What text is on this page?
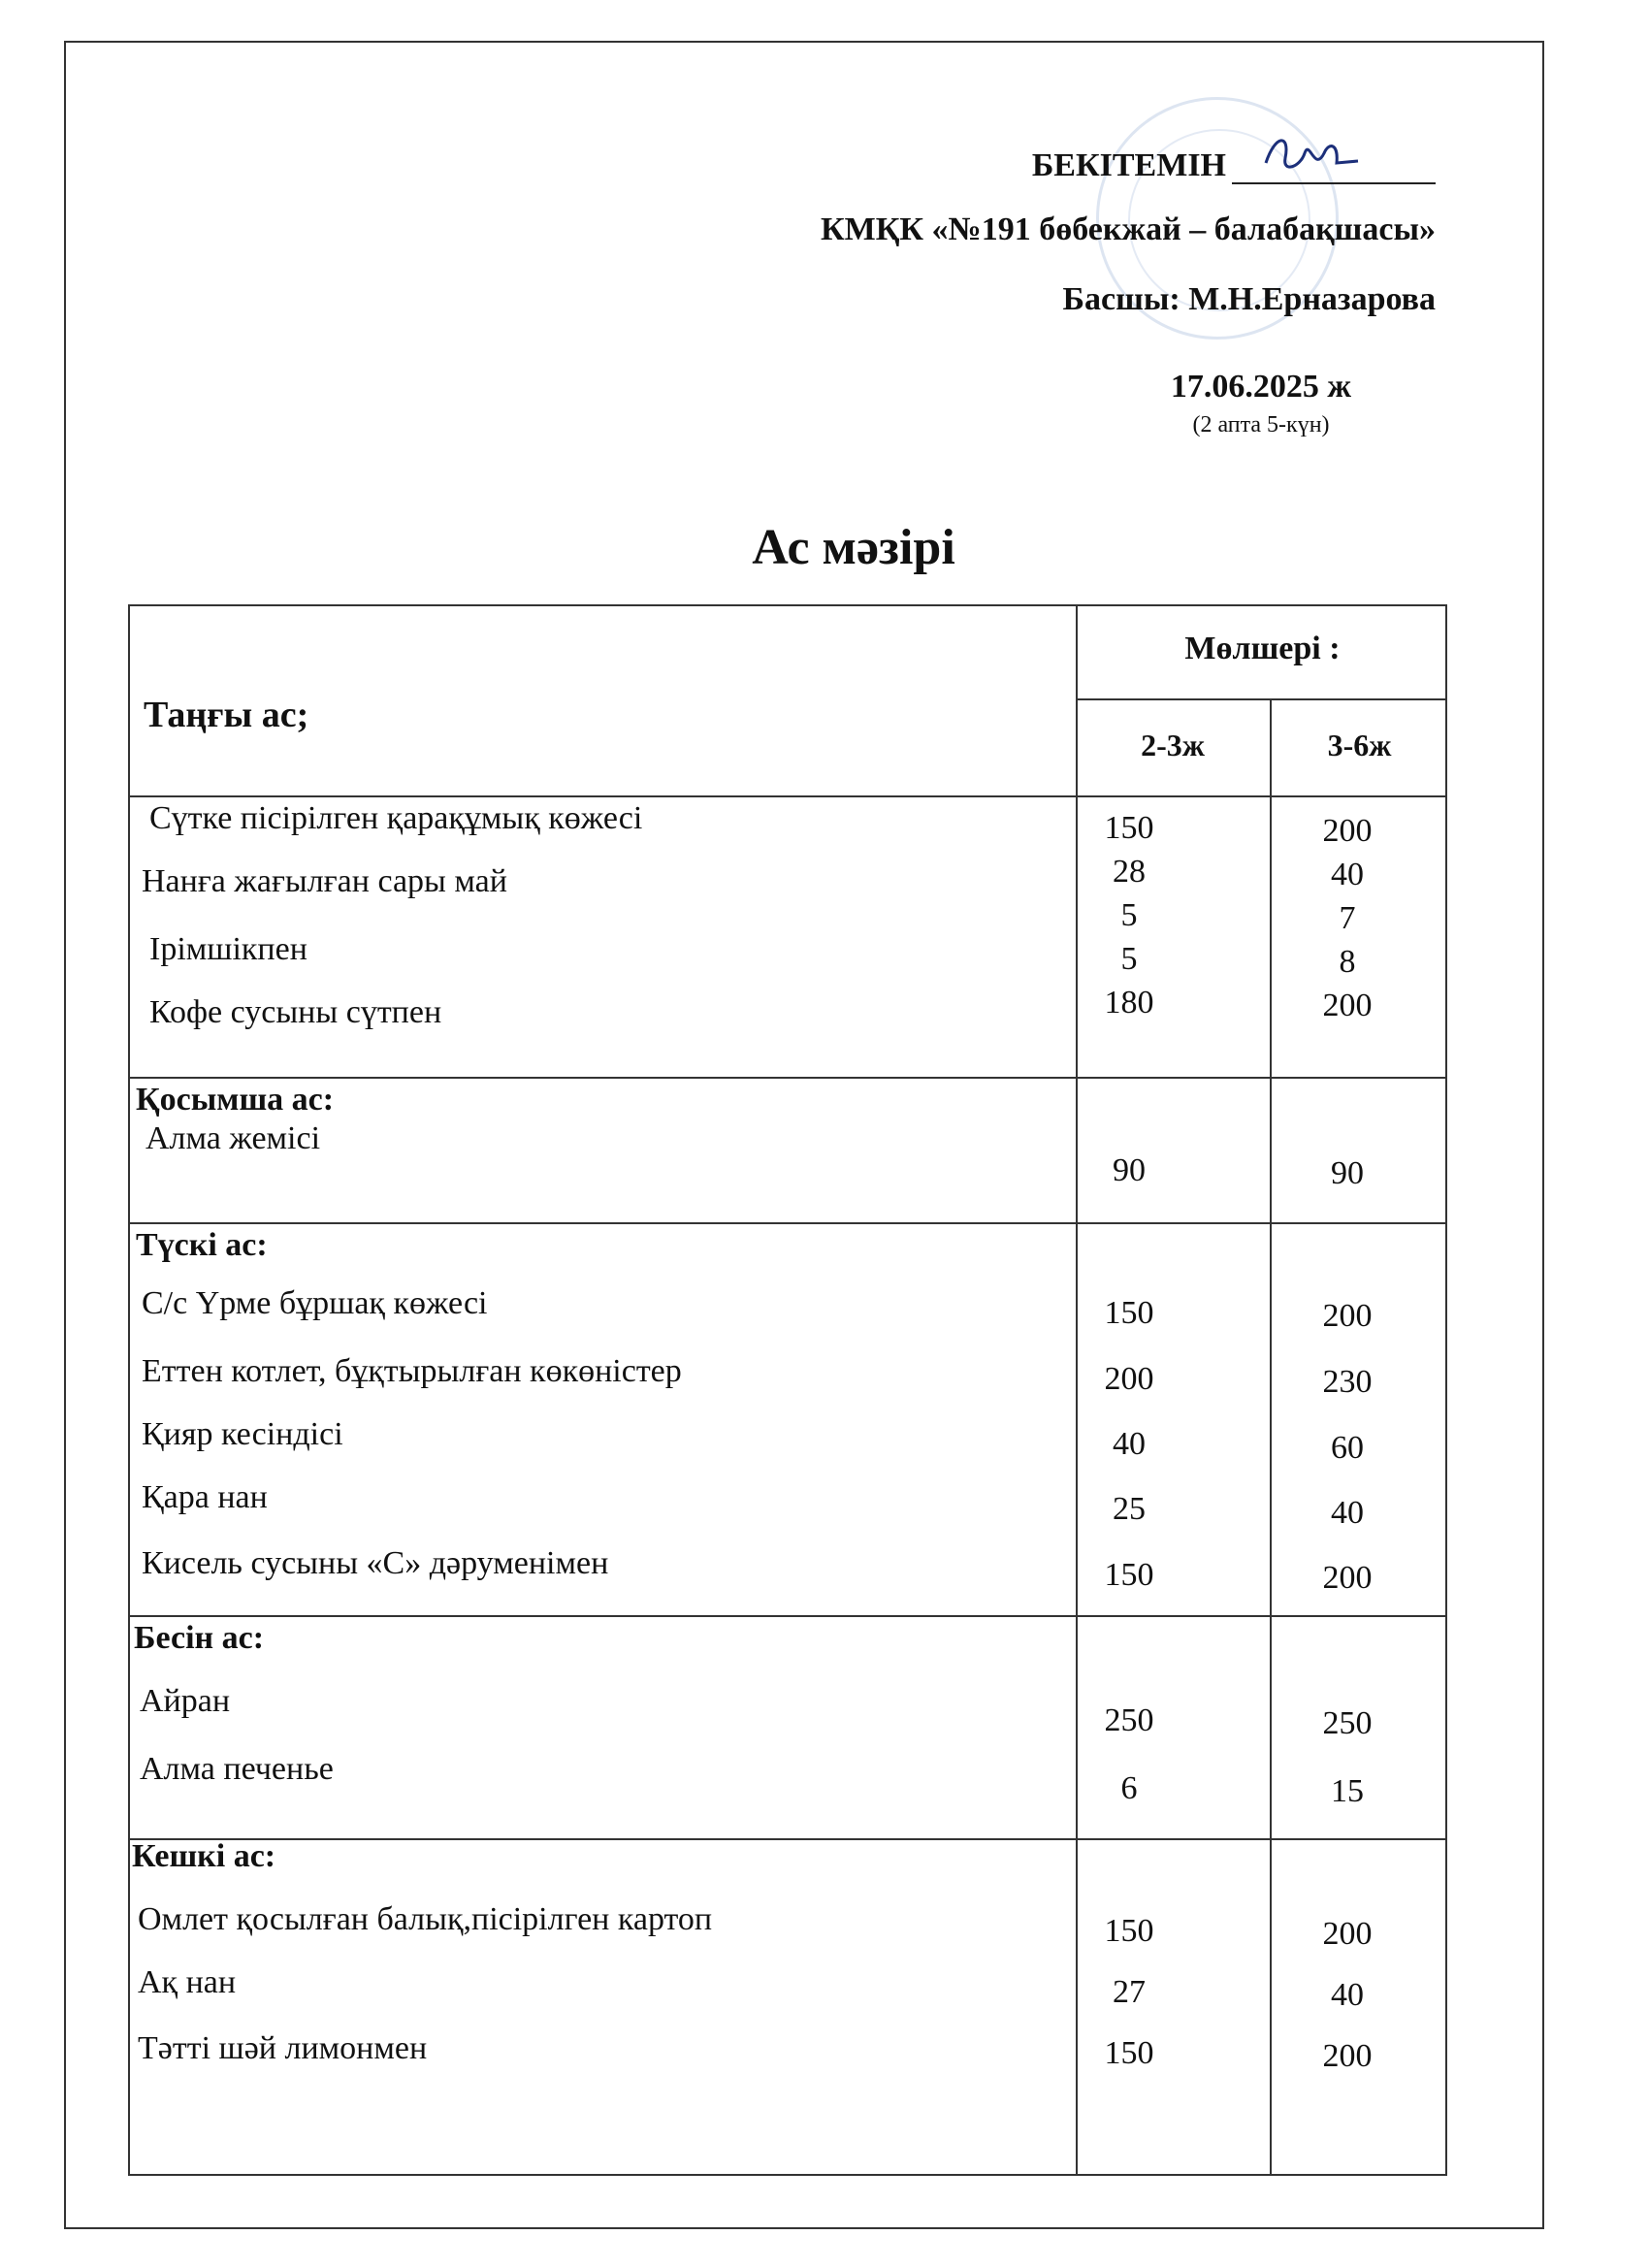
БЕКІТЕМІН
КМҚК «№191 бөбекжай – балабақшасы»
Басшы: М.Н.Ерназарова
17.06.2025 ж
(2 апта 5-күн)
Ас мәзірі
Таңғы ас;
Мөлшері :
2-3ж	3-6ж
Сүтке пісірілген қарақұмық көжесі
Нанға жағылған сары май
Ірімшікпен
Кофе сусыны сүтпен
150
28
5
5
180
200
40
7
8
200
Қосымша ас:
Алма жемісі
90	90
Түскі ас:
С/с Үрме бұршақ көжесі
Еттен котлет, бұқтырылған көкөністер
Қияр кесіндісі
Қара нан
Кисель сусыны «С» дәруменімен
150
200
40
25
150
200
230
60
40
200
Бесін ас:
Айран
Алма печенье
250
6
250
15
Кешкі ас:
Омлет қосылған балық,пісірілген картоп
Ақ нан
Тәтті шәй лимонмен
150
27
150
200
40
200
